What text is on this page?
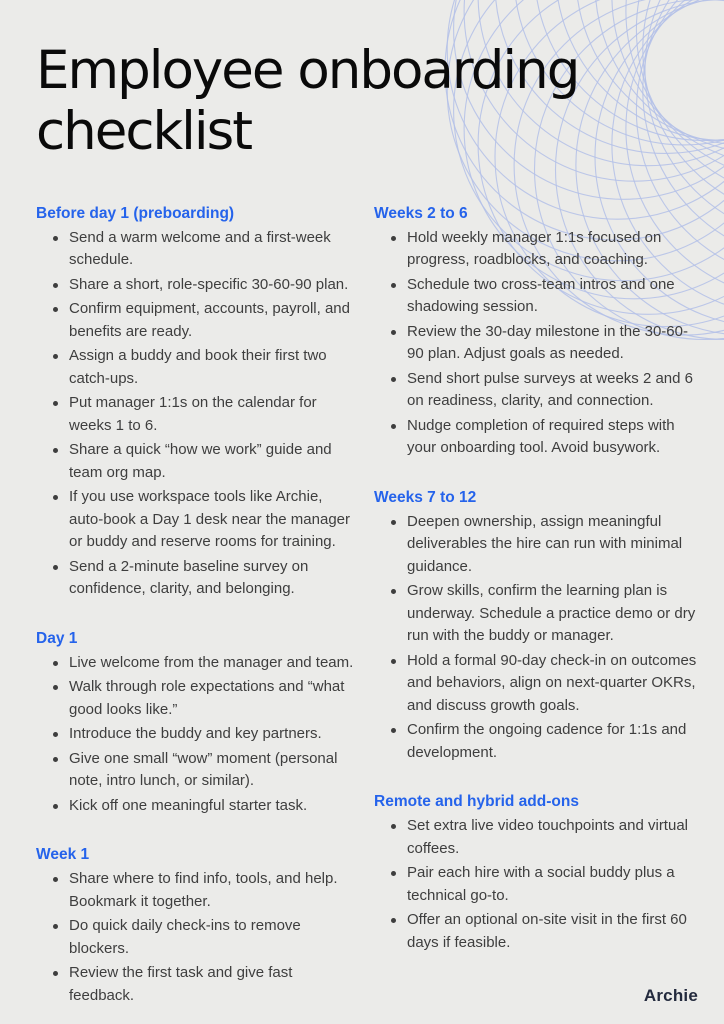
Employee onboarding checklist
Before day 1 (preboarding)
Send a warm welcome and a first-week schedule.
Share a short, role-specific 30-60-90 plan.
Confirm equipment, accounts, payroll, and benefits are ready.
Assign a buddy and book their first two catch-ups.
Put manager 1:1s on the calendar for weeks 1 to 6.
Share a quick “how we work” guide and team org map.
If you use workspace tools like Archie, auto-book a Day 1 desk near the manager or buddy and reserve rooms for training.
Send a 2-minute baseline survey on confidence, clarity, and belonging.
Day 1
Live welcome from the manager and team.
Walk through role expectations and “what good looks like.”
Introduce the buddy and key partners.
Give one small “wow” moment (personal note, intro lunch, or similar).
Kick off one meaningful starter task.
Week 1
Share where to find info, tools, and help. Bookmark it together.
Do quick daily check-ins to remove blockers.
Review the first task and give fast feedback.
Weeks 2 to 6
Hold weekly manager 1:1s focused on progress, roadblocks, and coaching.
Schedule two cross-team intros and one shadowing session.
Review the 30-day milestone in the 30-60-90 plan. Adjust goals as needed.
Send short pulse surveys at weeks 2 and 6 on readiness, clarity, and connection.
Nudge completion of required steps with your onboarding tool. Avoid busywork.
Weeks 7 to 12
Deepen ownership, assign meaningful deliverables the hire can run with minimal guidance.
Grow skills, confirm the learning plan is underway. Schedule a practice demo or dry run with the buddy or manager.
Hold a formal 90-day check-in on outcomes and behaviors, align on next-quarter OKRs, and discuss growth goals.
Confirm the ongoing cadence for 1:1s and development.
Remote and hybrid add-ons
Set extra live video touchpoints and virtual coffees.
Pair each hire with a social buddy plus a technical go-to.
Offer an optional on-site visit in the first 60 days if feasible.
Archie
